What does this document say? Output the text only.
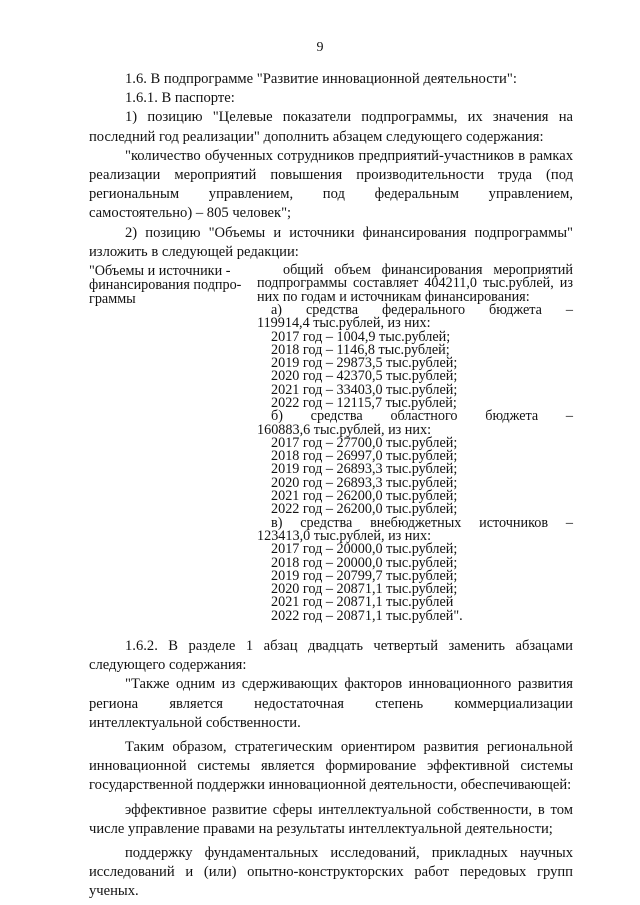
9

1.6. В подпрограмме "Развитие инновационной деятельности":

1.6.1. В паспорте:

1) позицию "Целевые показатели подпрограммы, их значения на последний год реализации" дополнить абзацем следующего содержания:

"количество обученных сотрудников предприятий-участников в рамках реализации мероприятий повышения производительности труда (под региональным управлением, под федеральным управлением, самостоятельно) – 805 человек";

2) позицию "Объемы и источники финансирования подпрограммы" изложить в следующей редакции:

"Объемы и источники - финансирования подпро- граммы
общий объем финансирования мероприятий подпрограммы составляет 404211,0 тыс.рублей, из них по годам и источникам финансирования:
а) средства федерального бюджета –
119914,4 тыс.рублей, из них:
2017 год – 1004,9 тыс.рублей;
2018 год – 1146,8 тыс.рублей;
2019 год – 29873,5 тыс.рублей;
2020 год – 42370,5 тыс.рублей;
2021 год – 33403,0 тыс.рублей;
2022 год – 12115,7 тыс.рублей;
б) средства областного бюджета –
160883,6 тыс.рублей, из них:
2017 год – 27700,0 тыс.рублей;
2018 год – 26997,0 тыс.рублей;
2019 год – 26893,3 тыс.рублей;
2020 год – 26893,3 тыс.рублей;
2021 год – 26200,0 тыс.рублей;
2022 год – 26200,0 тыс.рублей;
в) средства внебюджетных источников –
123413,0 тыс.рублей, из них:
2017 год – 20000,0 тыс.рублей;
2018 год – 20000,0 тыс.рублей;
2019 год – 20799,7 тыс.рублей;
2020 год – 20871,1 тыс.рублей;
2021 год – 20871,1 тыс.рублей
2022 год – 20871,1 тыс.рублей".

1.6.2. В разделе 1 абзац двадцать четвертый заменить абзацами следующего содержания:

"Также одним из сдерживающих факторов инновационного развития региона является недостаточная степень коммерциализации интеллектуальной собственности.

Таким образом, стратегическим ориентиром развития региональной инновационной системы является формирование эффективной системы государственной поддержки инновационной деятельности, обеспечивающей:

эффективное развитие сферы интеллектуальной собственности, в том числе управление правами на результаты интеллектуальной деятельности;

поддержку фундаментальных исследований, прикладных научных исследований и (или) опытно-конструкторских работ передовых групп ученых.
